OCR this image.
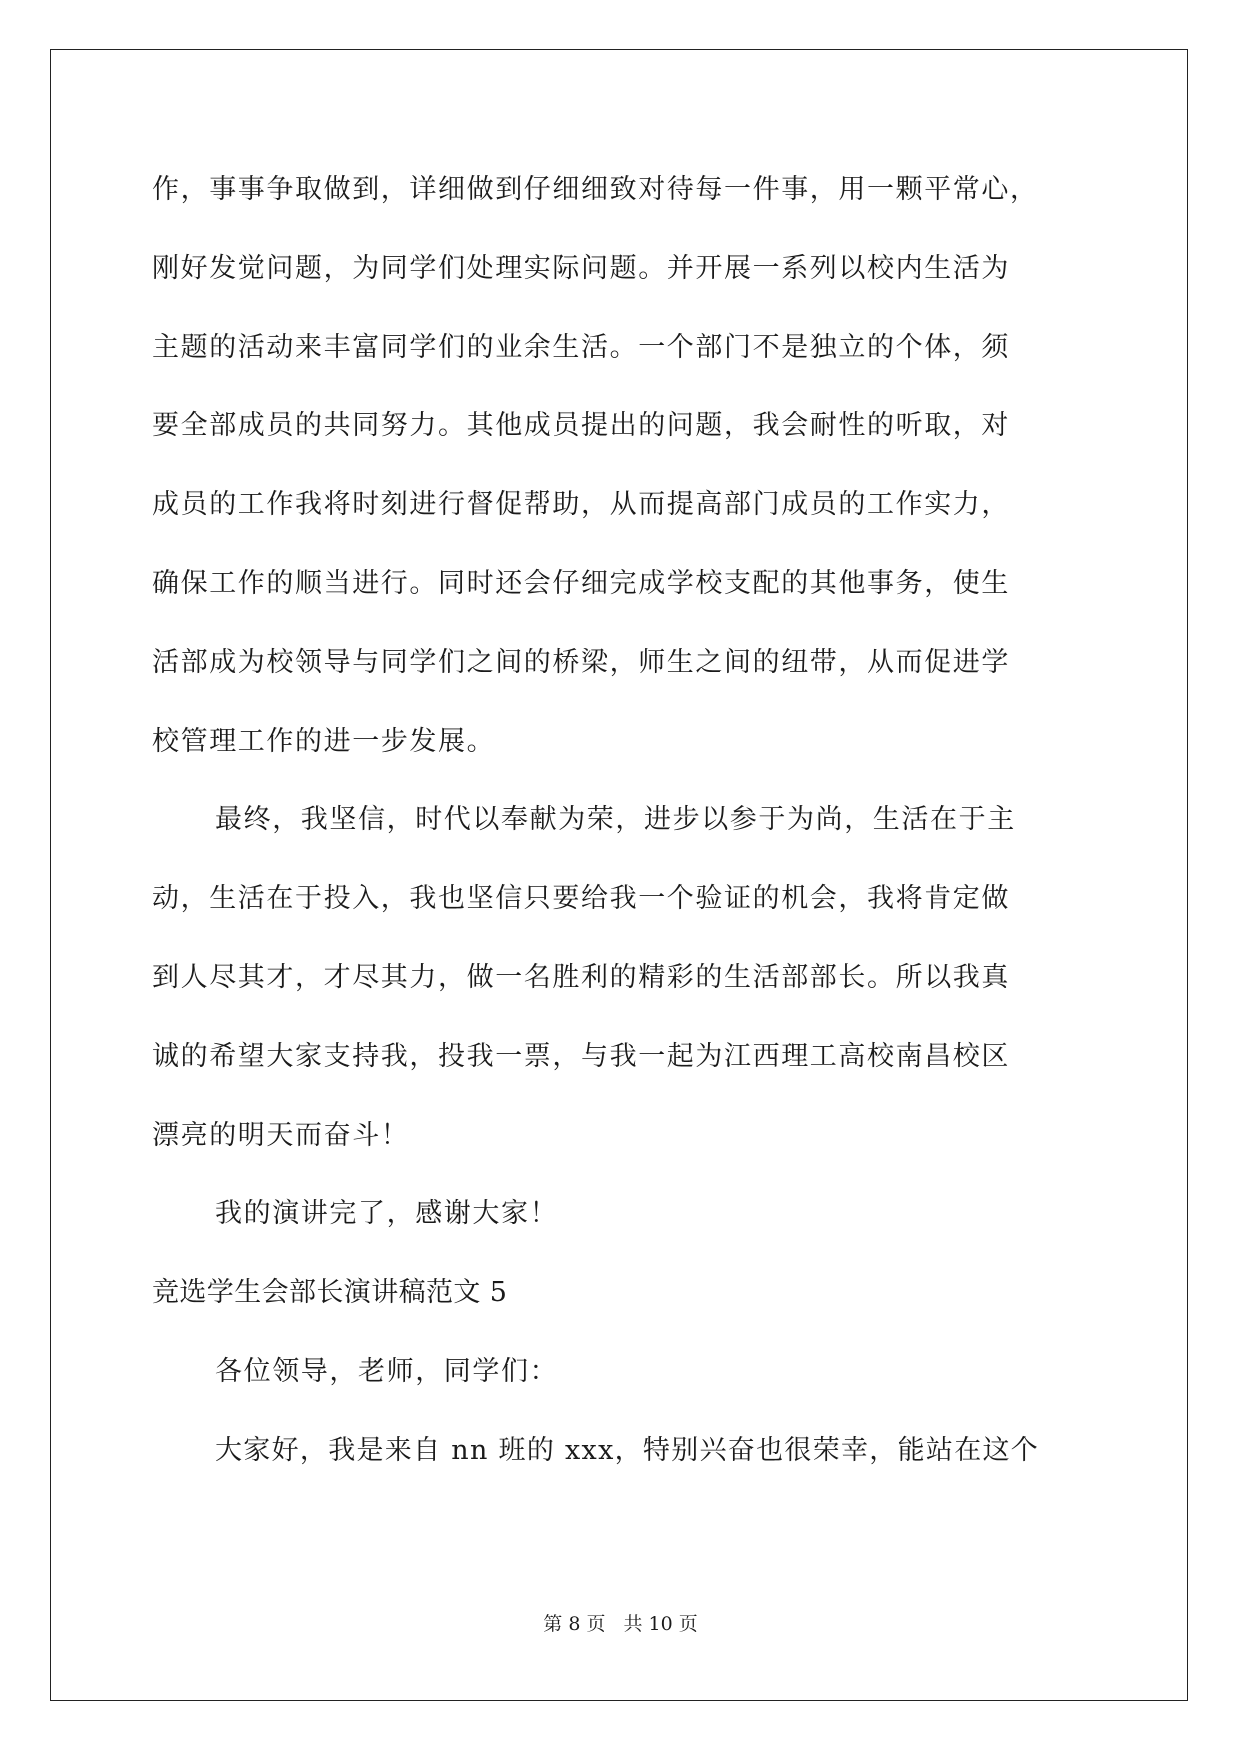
作，事事争取做到，详细做到仔细细致对待每一件事，用一颗平常心，
刚好发觉问题，为同学们处理实际问题。并开展一系列以校内生活为
主题的活动来丰富同学们的业余生活。一个部门不是独立的个体，须
要全部成员的共同努力。其他成员提出的问题，我会耐性的听取，对
成员的工作我将时刻进行督促帮助，从而提高部门成员的工作实力，
确保工作的顺当进行。同时还会仔细完成学校支配的其他事务，使生
活部成为校领导与同学们之间的桥梁，师生之间的纽带，从而促进学
校管理工作的进一步发展。
最终，我坚信，时代以奉献为荣，进步以参于为尚，生活在于主
动，生活在于投入，我也坚信只要给我一个验证的机会，我将肯定做
到人尽其才，才尽其力，做一名胜利的精彩的生活部部长。所以我真
诚的希望大家支持我，投我一票，与我一起为江西理工高校南昌校区
漂亮的明天而奋斗！
我的演讲完了，感谢大家！
竞选学生会部长演讲稿范文 5
各位领导，老师，同学们：
大家好，我是来自 nn 班的 xxx，特别兴奋也很荣幸，能站在这个
第 8 页 共 10 页
